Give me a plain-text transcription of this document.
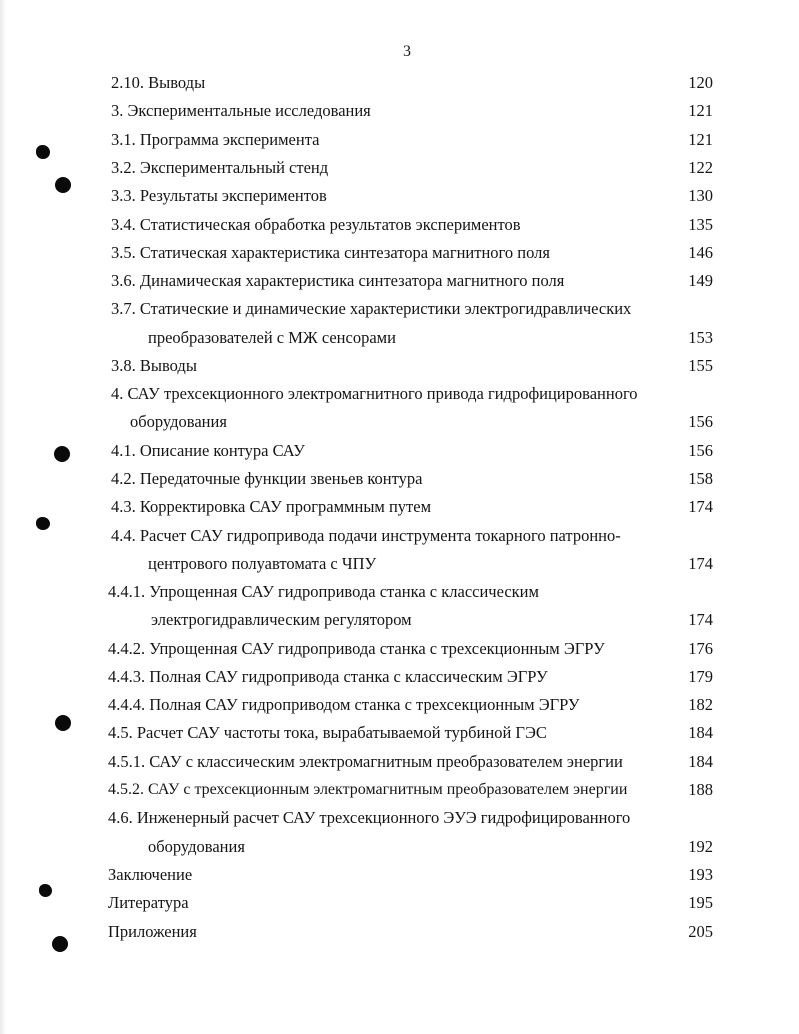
3
2.10. Выводы	120
3. Экспериментальные исследования	121
3.1. Программа эксперимента	121
3.2. Экспериментальный стенд	122
3.3. Результаты экспериментов	130
3.4. Статистическая обработка результатов экспериментов	135
3.5. Статическая характеристика синтезатора магнитного поля	146
3.6. Динамическая характеристика синтезатора магнитного поля	149
3.7. Статические и динамические характеристики электрогидравлических
преобразователей с МЖ сенсорами	153
3.8. Выводы	155
4. САУ трехсекционного электромагнитного привода гидрофицированного
оборудования	156
4.1. Описание контура САУ	156
4.2. Передаточные функции звеньев контура	158
4.3. Корректировка САУ программным путем	174
4.4. Расчет САУ гидропривода подачи инструмента токарного патронно-
центрового полуавтомата с ЧПУ	174
4.4.1. Упрощенная САУ гидропривода станка с классическим
электрогидравлическим регулятором	174
4.4.2. Упрощенная САУ гидропривода станка с трехсекционным ЭГРУ	176
4.4.3. Полная САУ гидропривода станка с классическим ЭГРУ	179
4.4.4. Полная САУ гидроприводом станка с трехсекционным ЭГРУ	182
4.5. Расчет САУ частоты тока, вырабатываемой турбиной ГЭС	184
4.5.1. САУ с классическим электромагнитным преобразователем энергии	184
4.5.2. САУ с трехсекционным электромагнитным преобразователем энергии	188
4.6. Инженерный расчет САУ трехсекционного ЭУЭ гидрофицированного
оборудования	192
Заключение	193
Литература	195
Приложения	205
